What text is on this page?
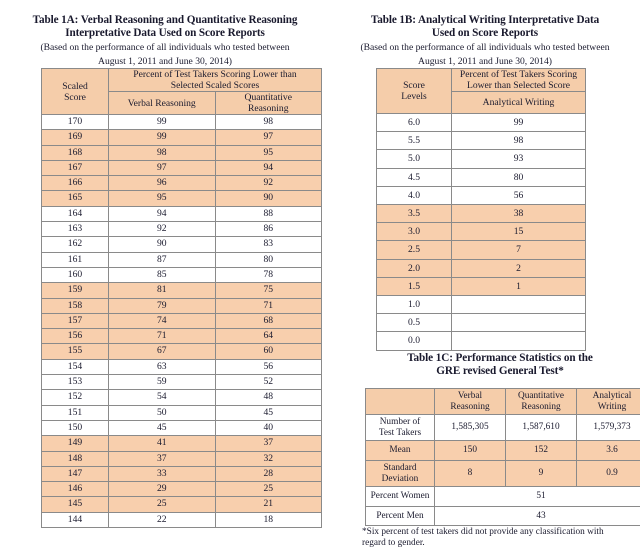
Table 1A: Verbal Reasoning and Quantitative Reasoning
Interpretative Data Used on Score Reports
(Based on the performance of all individuals who tested between
August 1, 2011 and June 30, 2014)
Scaled
Score	Percent of Test Takers Scoring Lower than
Selected Scaled Scores	

	Verbal Reasoning	Quantitative
Reasoning

170	99	98
169	99	97
168	98	95
167	97	94
166	96	92
165	95	90
164	94	88
163	92	86
162	90	83
161	87	80
160	85	78
159	81	75
158	79	71
157	74	68
156	71	64
155	67	60
154	63	56
153	59	52
152	54	48
151	50	45
150	45	40
149	41	37
148	37	32
147	33	28
146	29	25
145	25	21
144	22	18
Table 1B: Analytical Writing Interpretative Data
Used on Score Reports
(Based on the performance of all individuals who tested between
August 1, 2011 and June 30, 2014)
Score
Levels	Percent of Test Takers Scoring
Lower than Selected Score

	Analytical Writing

6.0	99
5.5	98
5.0	93
4.5	80
4.0	56
3.5	38
3.0	15
2.5	7
2.0	2
1.5	1
1.0	
0.5	
0.0	
Table 1C: Performance Statistics on the
GRE revised General Test*

	Verbal
Reasoning	Quantitative
Reasoning	Analytical
Writing

Number of
Test Takers	1,585,305	1,587,610	1,579,373
Mean	150	152	3.6

Standard
Deviation	8	9	0.9
Percent Women	51		
Percent Men	43		
*Six percent of test takers did not provide any classification with
regard to gender.
